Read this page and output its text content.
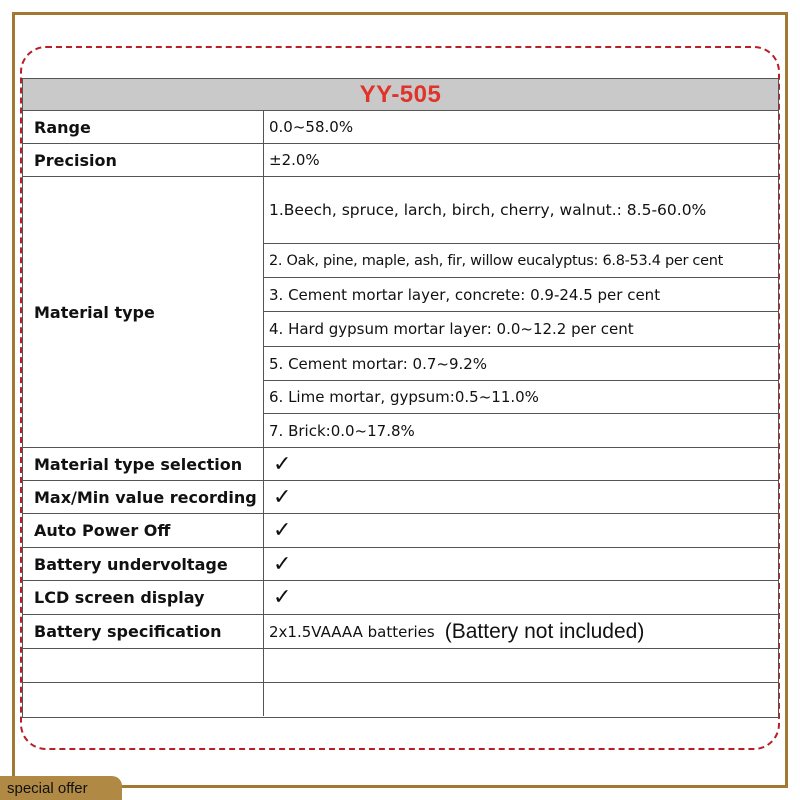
YY-505
Range	0.0~58.0%
Precision	±2.0%
Material type
1.Beech, spruce, larch, birch, cherry, walnut.: 8.5-60.0%
2. Oak, pine, maple, ash, fir, willow eucalyptus: 6.8-53.4 per cent
3. Cement mortar layer, concrete: 0.9-24.5 per cent
4. Hard gypsum mortar layer: 0.0~12.2 per cent
5. Cement mortar: 0.7~9.2%
6. Lime mortar, gypsum:0.5~11.0%
7. Brick:0.0~17.8%
Material type selection	✓
Max/Min value recording ✓
Auto Power Off	✓
Battery undervoltage	✓
LCD screen display	✓
Battery specification	2x1.5VAAAA batteries (Battery not included)
special offer
